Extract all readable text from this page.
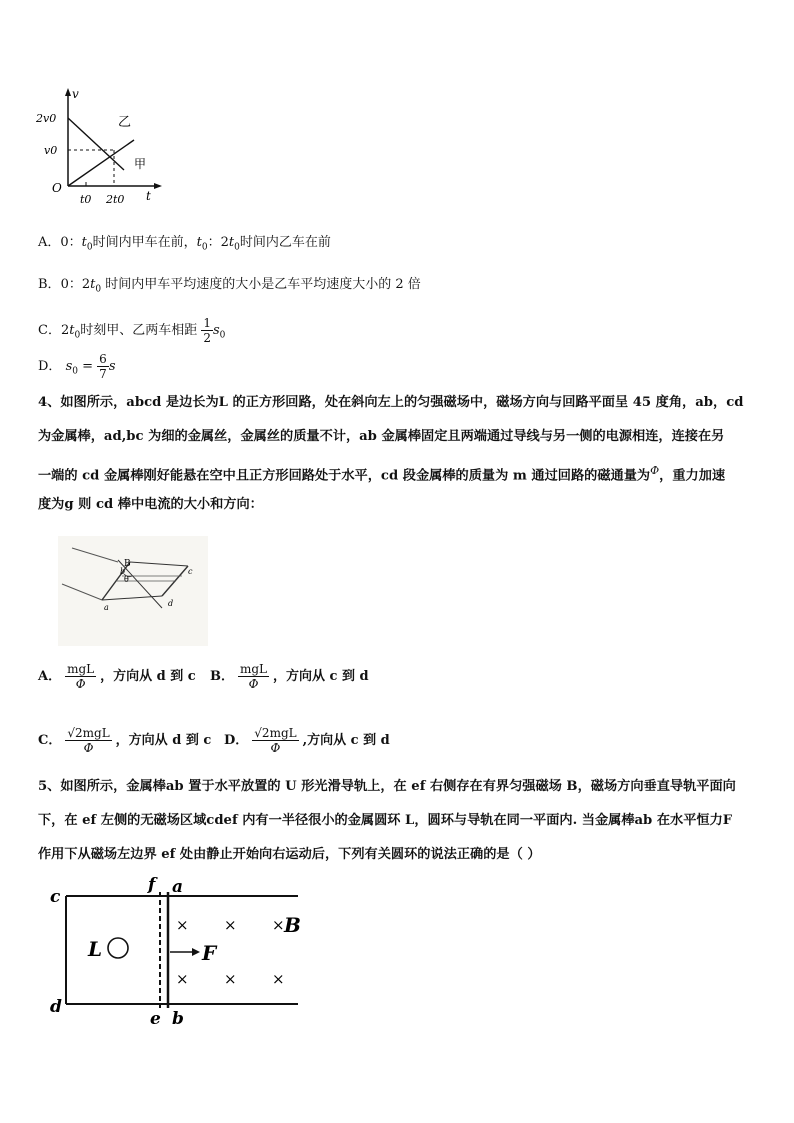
v
t
O
2v0
v0
t0 2t0
乙
甲
A．0：$t_0$时间内甲车在前，$t_0$：$2t_0$时间内乙车在前
B．0：$2t_0$ 时间内甲车平均速度的大小是乙车平均速度大小的 2 倍
C．$2t_0$时刻甲、乙两车相距 $\frac{1}{2} s_0$
D． $s_0 = \frac{6}{7}$ s
4、如图所示，abcd 是边长为L 的正方形回路，处在斜向左上的匀强磁场中，磁场方向与回路平面呈 45 度角，ab，cd
为金属棒，ad,bc 为细的金属丝，金属丝的质量不计，ab 金属棒固定且两端通过导线与另一侧的电源相连，连接在另
一端的 cd 金属棒刚好能悬在空中且正方形回路处于水平，cd 段金属棒的质量为 m 通过回路的磁通量为$^\Phi$，重力加速
度为g 则 cd 棒中电流的大小和方向：
B
θ
b	c
a	d
A． $\frac{\text{mgL}}{\Phi}$ ，方向从 d 到 c B． $\frac{\text{mgL}}{\Phi}$ ，方向从 c 到 d
C． $\frac{\text{√2mgL}}{\Phi}$ ，方向从 d 到 c D． $\frac{\text{√2mgL}}{\Phi}$ ,方向从 c 到 d
5、如图所示，金属棒ab 置于水平放置的 U 形光滑导轨上，在 ef 右侧存在有界匀强磁场 B，磁场方向垂直导轨平面向
下，在 ef 左侧的无磁场区域cdef 内有一半径很小的金属圆环 L，圆环与导轨在同一平面内. 当金属棒ab 在水平恒力F
作用下从磁场左边界 ef 处由静止开始向右运动后，下列有关圆环的说法正确的是（ ）
c
d
f a
e b
L	F
B
× × ×
× × ×
